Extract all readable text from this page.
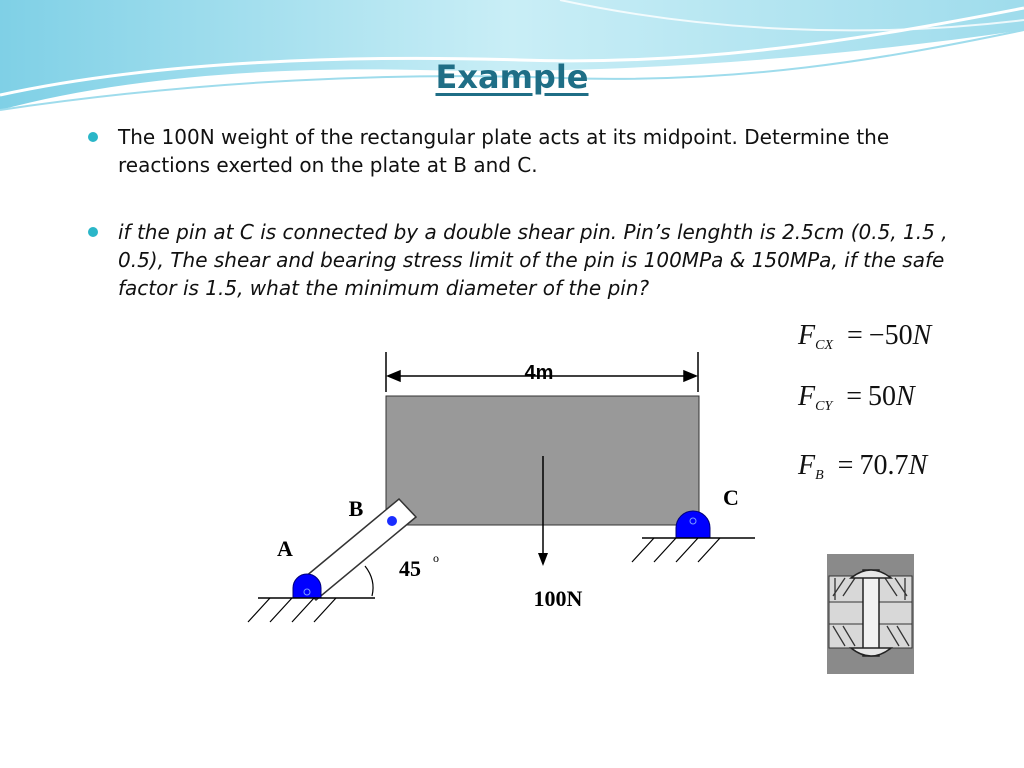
Example
The 100N weight of the rectangular plate acts at its midpoint. Determine the reactions exerted on the plate at B and C.
if the pin at C is connected by a double shear pin. Pin’s lenghth is 2.5cm (0.5, 1.5 , 0.5), The shear and bearing stress limit of the pin is 100MPa & 150MPa, if the safe factor is 1.5, what the minimum diameter of the pin?
4m
100N
45 o
A
B	C
$F_{CX} = -50N$
$F_{CY} = 50N$
$F_B = 70.7N$
